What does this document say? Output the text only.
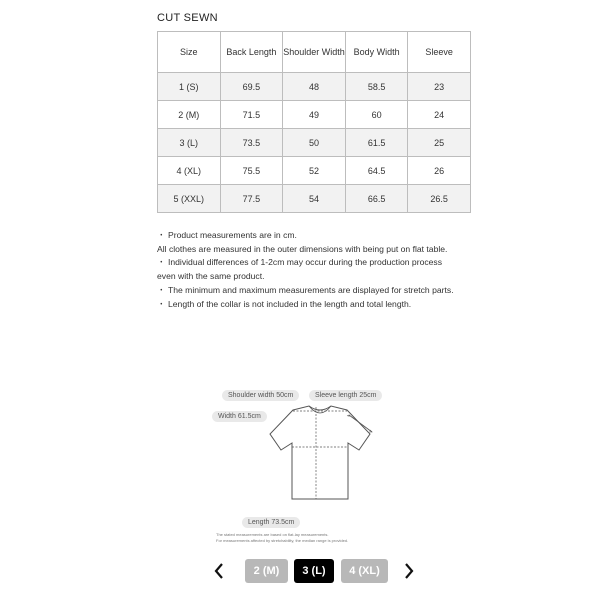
CUT SEWN
Size	Back Length	Shoulder Width	Body Width	Sleeve
1 (S)	69.5	48	58.5	23
2 (M)	71.5	49	60	24
3 (L)	73.5	50	61.5	25
4 (XL)	75.5	52	64.5	26
5 (XXL)	77.5	54	66.5	26.5

・ Product measurements are in cm.

All clothes are measured in the outer dimensions with being put on flat table.

・ Individual differences of 1-2cm may occur during the production process even with the same product.

・ The minimum and maximum measurements are displayed for stretch parts.

・ Length of the collar is not included in the length and total length.

Shoulder width 50cm	Sleeve length 25cm
Width 61.5cm
Length 73.5cm
The stated measurements are based on flat-lay measurements.
For measurements affected by stretchability, the median range is provided.
2 (M)	3 (L)	4 (XL)
